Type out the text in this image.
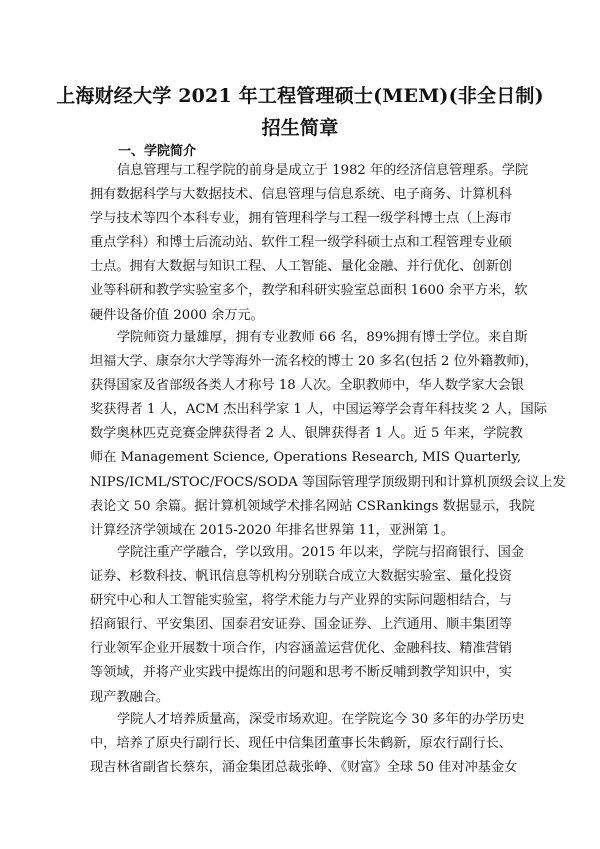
上海财经大学 2021 年工程管理硕士(MEM)(非全日制)
招生简章
一、学院简介
信息管理与工程学院的前身是成立于 1982 年的经济信息管理系。学院
拥有数据科学与大数据技术、信息管理与信息系统、电子商务、计算机科
学与技术等四个本科专业，拥有管理科学与工程一级学科博士点（上海市
重点学科）和博士后流动站、软件工程一级学科硕士点和工程管理专业硕
士点。拥有大数据与知识工程、人工智能、量化金融、并行优化、创新创
业等科研和教学实验室多个，教学和科研实验室总面积 1600 余平方米，软
硬件设备价值 2000 余万元。
学院师资力量雄厚，拥有专业教师 66 名，89%拥有博士学位。来自斯
坦福大学、康奈尔大学等海外一流名校的博士 20 多名(包括 2 位外籍教师)，
获得国家及省部级各类人才称号 18 人次。全职教师中，华人数学家大会银
奖获得者 1 人，ACM 杰出科学家 1 人，中国运筹学会青年科技奖 2 人，国际
数学奥林匹克竞赛金牌获得者 2 人、银牌获得者 1 人。近 5 年来，学院教
师在 Management Science, Operations Research, MIS Quarterly,
NIPS/ICML/STOC/FOCS/SODA 等国际管理学顶级期刊和计算机顶级会议上发
表论文 50 余篇。据计算机领域学术排名网站 CSRankings 数据显示，我院
计算经济学领域在 2015-2020 年排名世界第 11，亚洲第 1。
学院注重产学融合，学以致用。2015 年以来，学院与招商银行、国金
证券、杉数科技、帆讯信息等机构分别联合成立大数据实验室、量化投资
研究中心和人工智能实验室，将学术能力与产业界的实际问题相结合，与
招商银行、平安集团、国泰君安证券、国金证券、上汽通用、顺丰集团等
行业领军企业开展数十项合作，内容涵盖运营优化、金融科技、精准营销
等领域，并将产业实践中提炼出的问题和思考不断反哺到教学知识中，实
现产教融合。
学院人才培养质量高，深受市场欢迎。在学院迄今 30 多年的办学历史
中，培养了原央行副行长、现任中信集团董事长朱鹤新，原农行副行长、
现吉林省副省长蔡东，涌金集团总裁张峥、《财富》全球 50 佳对冲基金女
